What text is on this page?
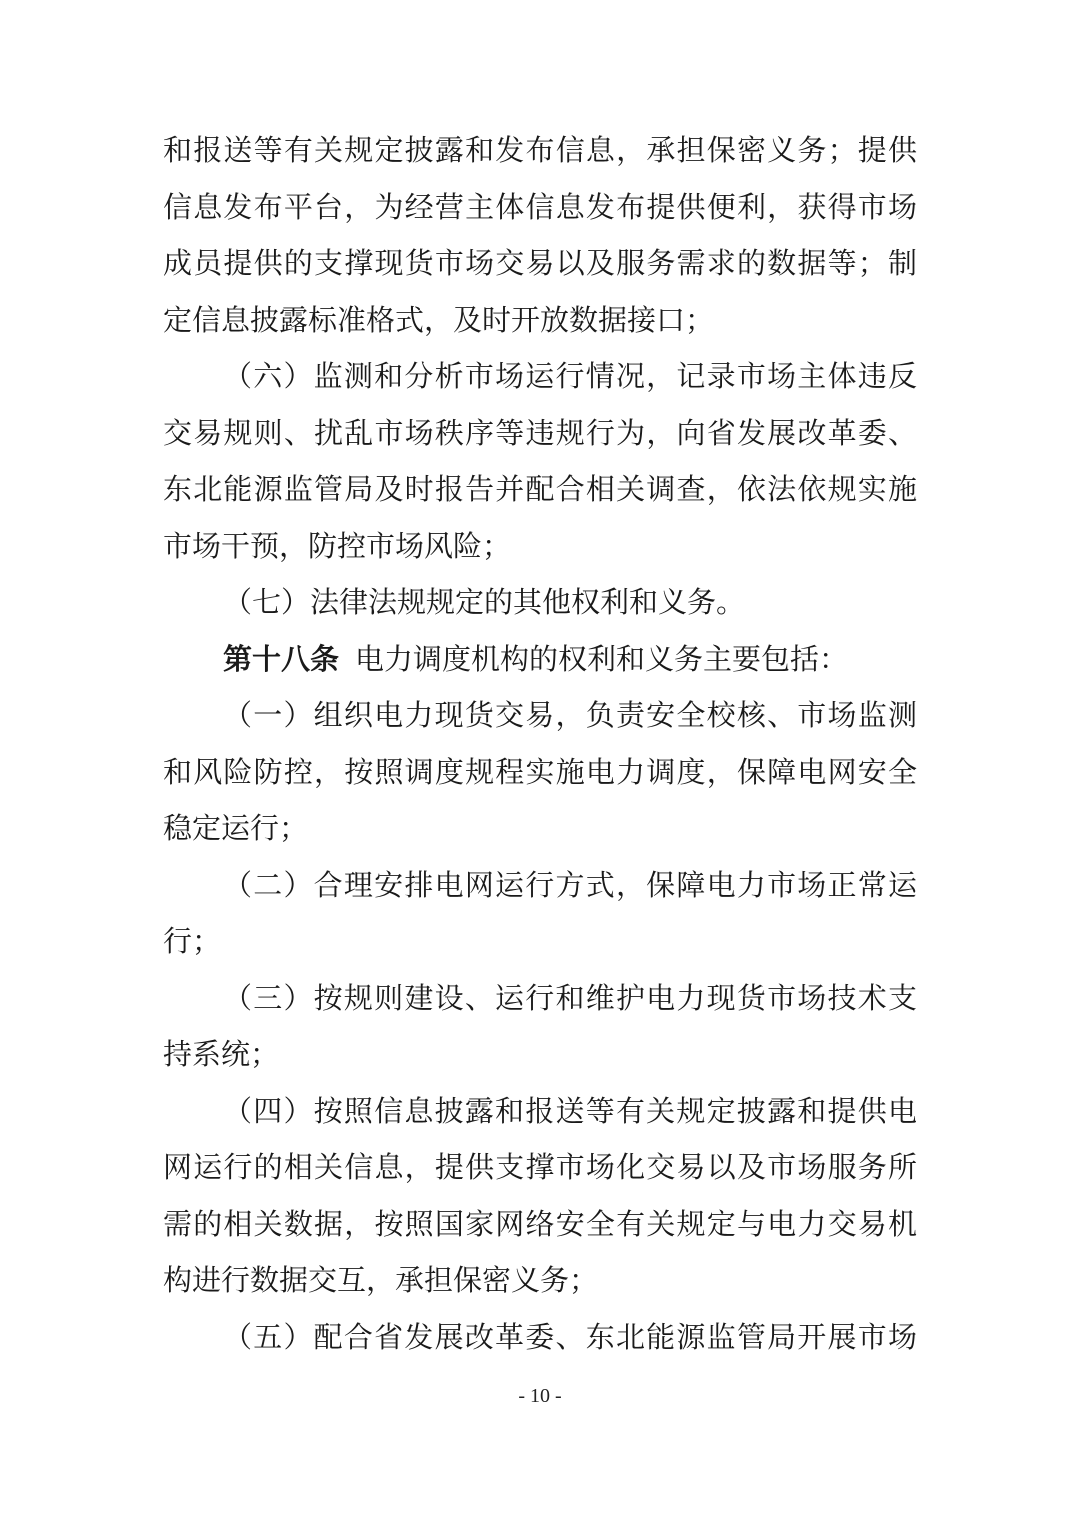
和报送等有关规定披露和发布信息，承担保密义务；提供
信息发布平台，为经营主体信息发布提供便利，获得市场
成员提供的支撑现货市场交易以及服务需求的数据等；制
定信息披露标准格式，及时开放数据接口；
（六）监测和分析市场运行情况，记录市场主体违反
交易规则、扰乱市场秩序等违规行为，向省发展改革委、
东北能源监管局及时报告并配合相关调查，依法依规实施
市场干预，防控市场风险；
（七）法律法规规定的其他权利和义务。
第十八条 电力调度机构的权利和义务主要包括：
（一）组织电力现货交易，负责安全校核、市场监测
和风险防控，按照调度规程实施电力调度，保障电网安全
稳定运行；
（二）合理安排电网运行方式，保障电力市场正常运
行；
（三）按规则建设、运行和维护电力现货市场技术支
持系统；
（四）按照信息披露和报送等有关规定披露和提供电
网运行的相关信息，提供支撑市场化交易以及市场服务所
需的相关数据，按照国家网络安全有关规定与电力交易机
构进行数据交互，承担保密义务；
（五）配合省发展改革委、东北能源监管局开展市场
- 10 -
